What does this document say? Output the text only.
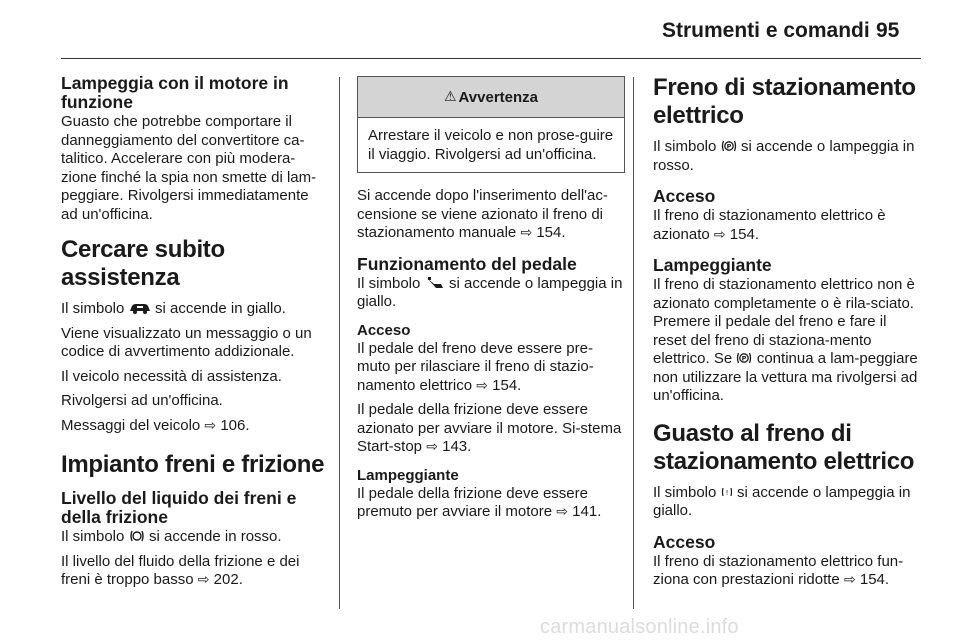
Strumenti e comandi 95
Lampeggia con il motore in funzione

Guasto che potrebbe comportare il danneggiamento del convertitore ca-talitico. Accelerare con più modera-zione finché la spia non smette di lam-peggiare. Rivolgersi immediatamente ad un'officina.

Cercare subito assistenza

Il simbolo si accende in giallo.

Viene visualizzato un messaggio o un codice di avvertimento addizionale.

Il veicolo necessità di assistenza.

Rivolgersi ad un'officina.

Messaggi del veicolo ⇨ 106.

Impianto freni e frizione
Livello del liquido dei freni e della frizione

Il simbolo si accende in rosso.

Il livello del fluido della frizione e dei freni è troppo basso ⇨ 202.

⚠ Avvertenza

Arrestare il veicolo e non prose-guire il viaggio. Rivolgersi ad un'officina.

Si accende dopo l'inserimento dell'ac-censione se viene azionato il freno di stazionamento manuale ⇨ 154.

Funzionamento del pedale

Il simbolo si accende o lampeggia in giallo.

Acceso

Il pedale del freno deve essere pre-muto per rilasciare il freno di stazio-namento elettrico ⇨ 154.

Il pedale della frizione deve essere azionato per avviare il motore. Si-stema Start-stop ⇨ 143.

Lampeggiante

Il pedale della frizione deve essere premuto per avviare il motore ⇨ 141.

Freno di stazionamento elettrico

Il simbolo P si accende o lampeggia in rosso.

Acceso

Il freno di stazionamento elettrico è azionato ⇨ 154.

Lampeggiante

Il freno di stazionamento elettrico non è azionato completamente o è rila-sciato. Premere il pedale del freno e fare il reset del freno di staziona-mento elettrico. Se P continua a lam-peggiare non utilizzare la vettura ma rivolgersi ad un'officina.

Guasto al freno di stazionamento elettrico

Il simbolo ! si accende o lampeggia in giallo.

Acceso

Il freno di stazionamento elettrico fun-ziona con prestazioni ridotte ⇨ 154.

carmanualsonline.info
